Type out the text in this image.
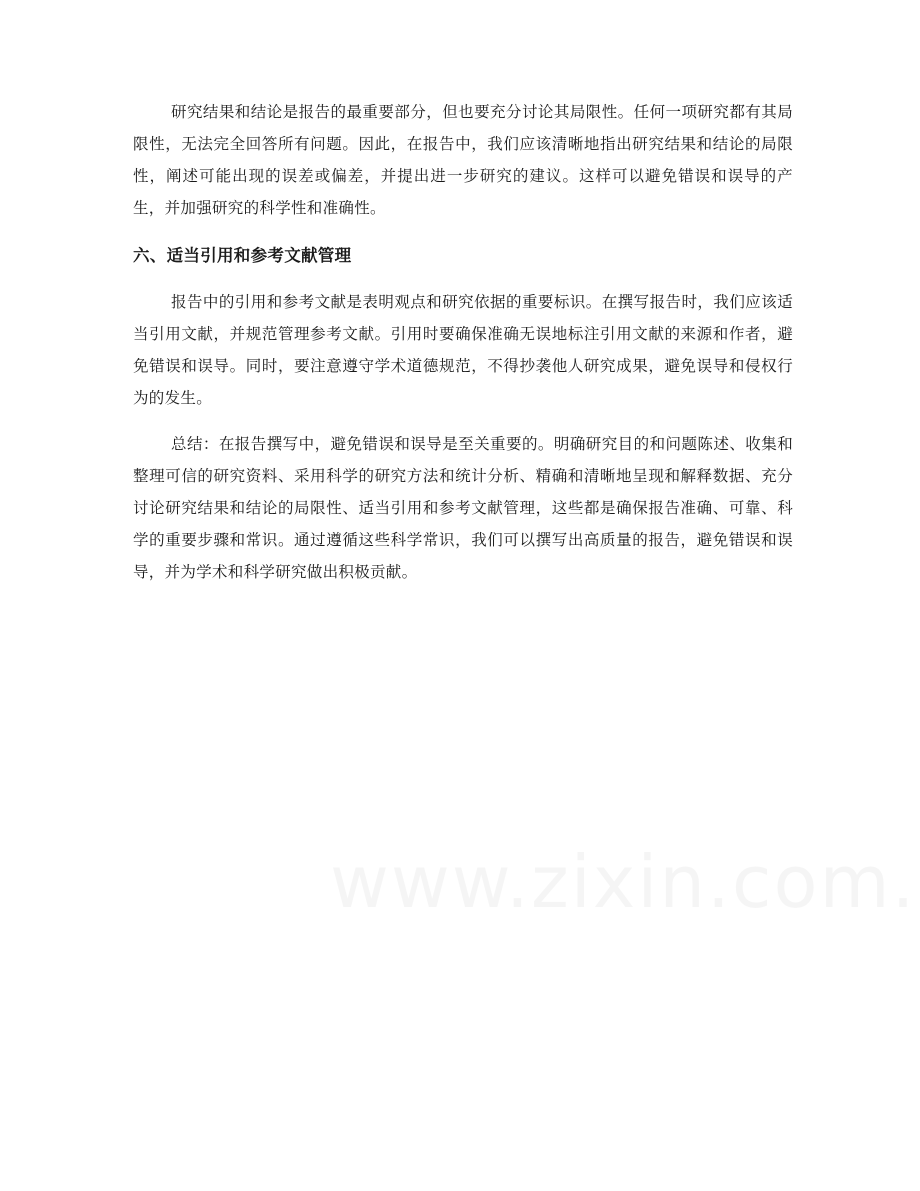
研究结果和结论是报告的最重要部分，但也要充分讨论其局限性。任何一项研究都有其局限性，无法完全回答所有问题。因此，在报告中，我们应该清晰地指出研究结果和结论的局限性，阐述可能出现的误差或偏差，并提出进一步研究的建议。这样可以避免错误和误导的产生，并加强研究的科学性和准确性。

六、适当引用和参考文献管理

报告中的引用和参考文献是表明观点和研究依据的重要标识。在撰写报告时，我们应该适当引用文献，并规范管理参考文献。引用时要确保准确无误地标注引用文献的来源和作者，避免错误和误导。同时，要注意遵守学术道德规范，不得抄袭他人研究成果，避免误导和侵权行为的发生。

总结：在报告撰写中，避免错误和误导是至关重要的。明确研究目的和问题陈述、收集和整理可信的研究资料、采用科学的研究方法和统计分析、精确和清晰地呈现和解释数据、充分讨论研究结果和结论的局限性、适当引用和参考文献管理，这些都是确保报告准确、可靠、科学的重要步骤和常识。通过遵循这些科学常识，我们可以撰写出高质量的报告，避免错误和误导，并为学术和科学研究做出积极贡献。
